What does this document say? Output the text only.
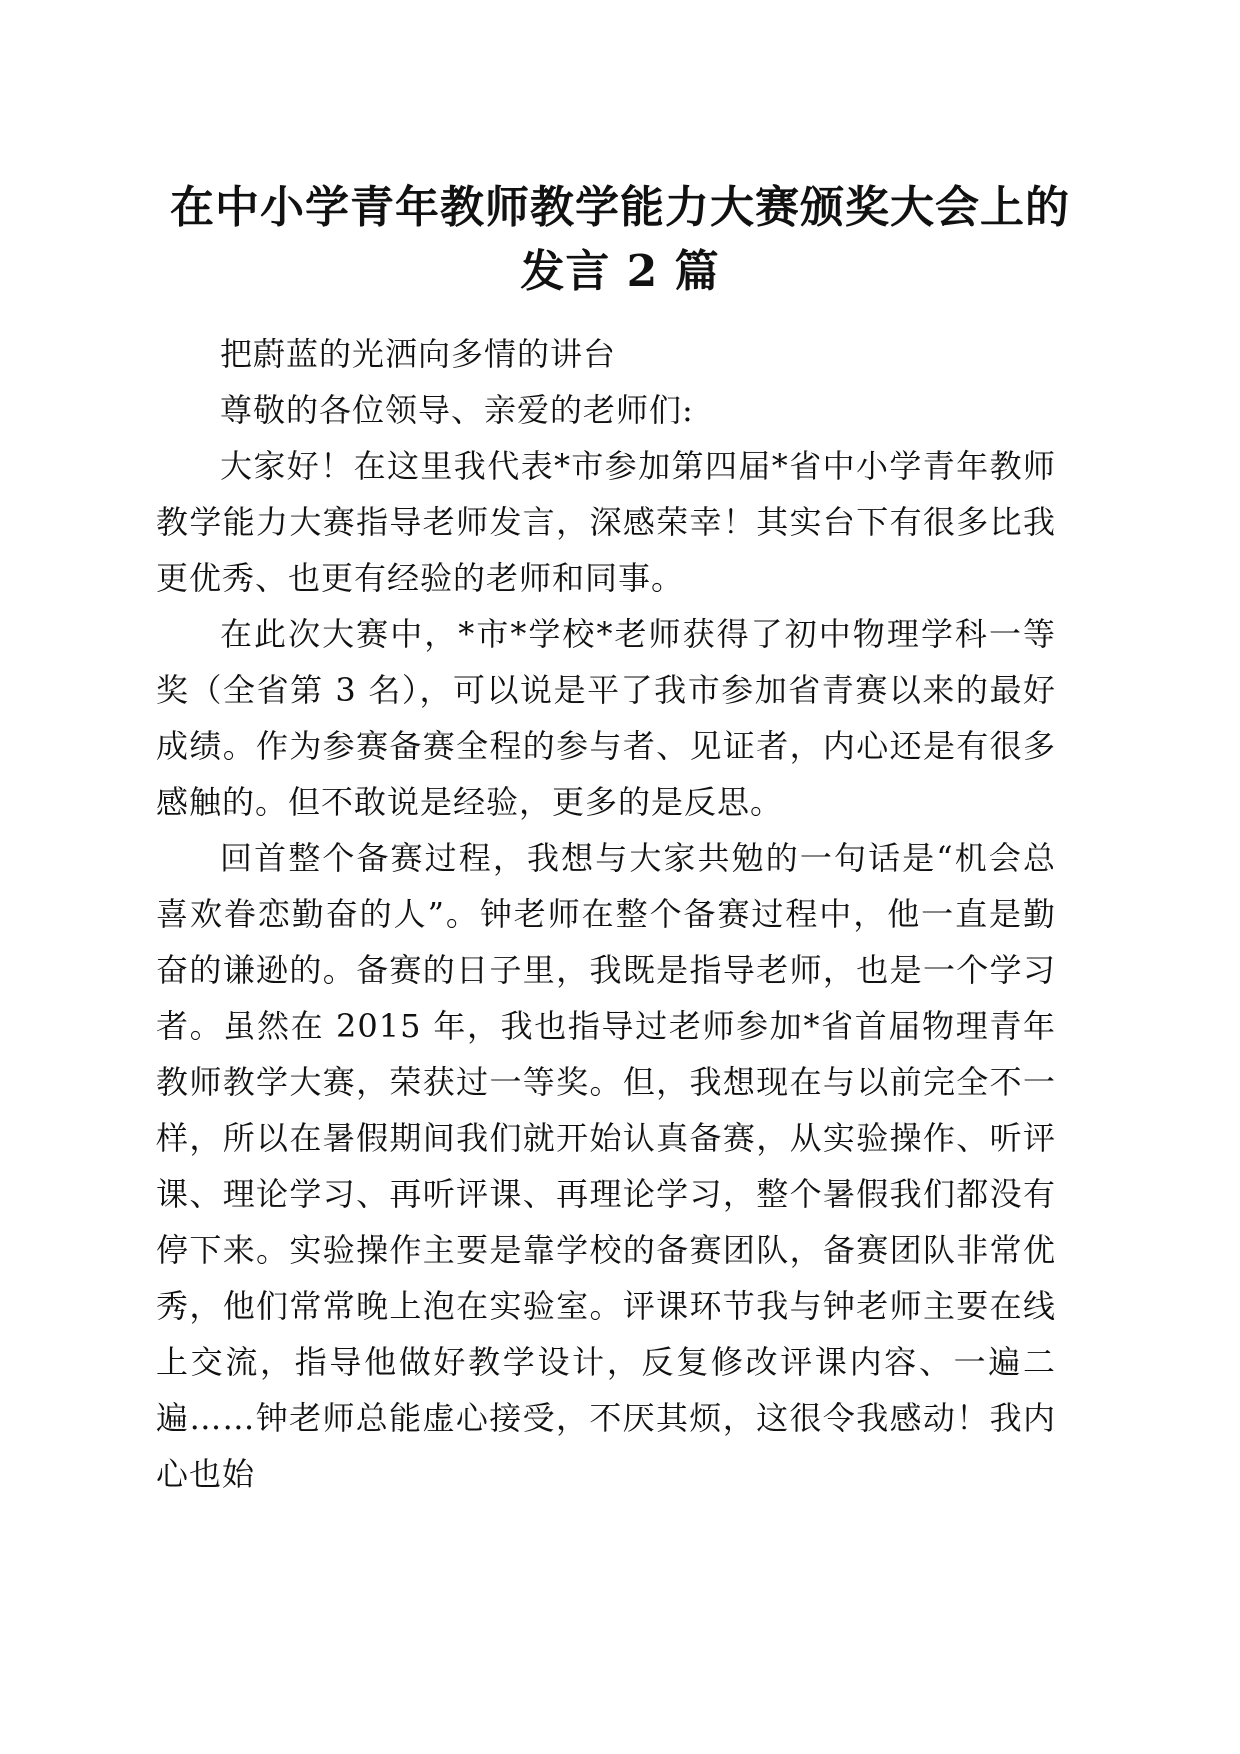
在中小学青年教师教学能力大赛颁奖大会上的
发言 2 篇

把蔚蓝的光洒向多情的讲台

尊敬的各位领导、亲爱的老师们:

大家好！在这里我代表*市参加第四届*省中小学青年教师教学能力大赛指导老师发言，深感荣幸！其实台下有很多比我更优秀、也更有经验的老师和同事。

在此次大赛中，*市*学校*老师获得了初中物理学科一等奖（全省第 3 名），可以说是平了我市参加省青赛以来的最好成绩。作为参赛备赛全程的参与者、见证者，内心还是有很多感触的。但不敢说是经验，更多的是反思。

回首整个备赛过程，我想与大家共勉的一句话是“机会总喜欢眷恋勤奋的人”。钟老师在整个备赛过程中，他一直是勤奋的谦逊的。备赛的日子里，我既是指导老师，也是一个学习者。虽然在 2015 年，我也指导过老师参加*省首届物理青年教师教学大赛，荣获过一等奖。但，我想现在与以前完全不一样，所以在暑假期间我们就开始认真备赛，从实验操作、听评课、理论学习、再听评课、再理论学习，整个暑假我们都没有停下来。实验操作主要是靠学校的备赛团队，备赛团队非常优秀，他们常常晚上泡在实验室。评课环节我与钟老师主要在线上交流，指导他做好教学设计，反复修改评课内容、一遍二遍……钟老师总能虚心接受，不厌其烦，这很令我感动！我内心也始
